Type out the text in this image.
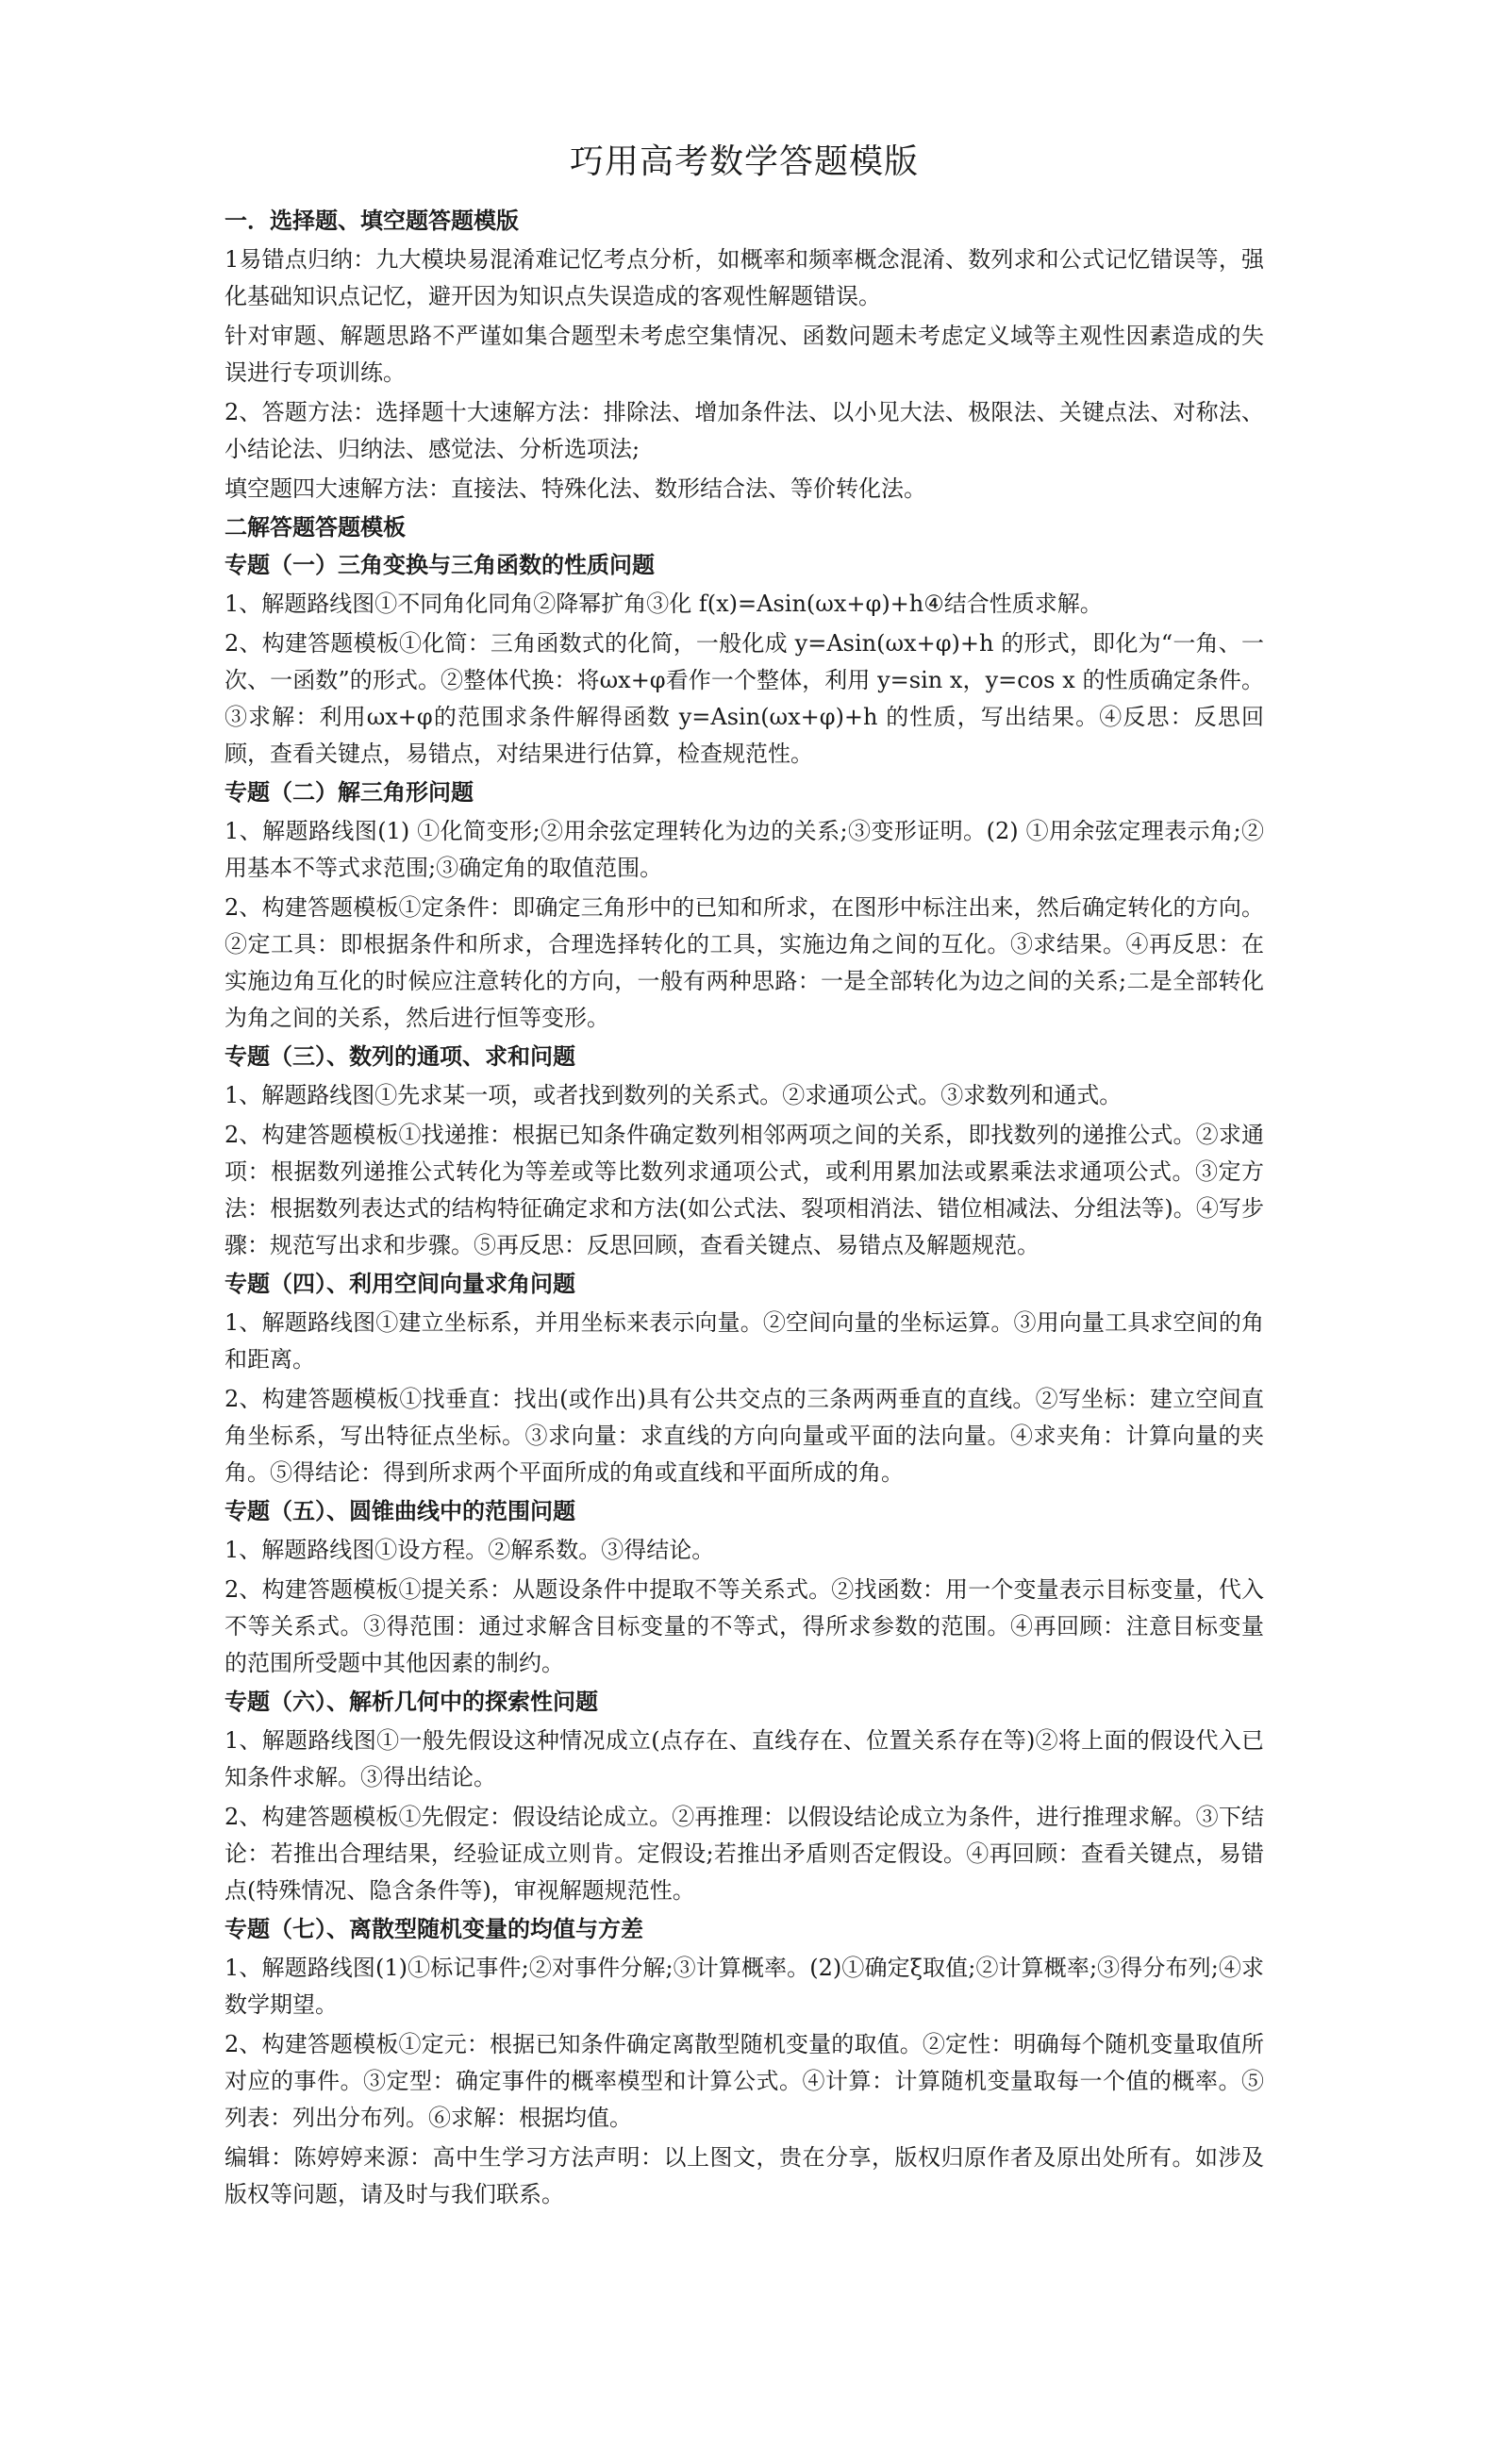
巧用高考数学答题模版
一．选择题、填空题答题模版

1易错点归纳：九大模块易混淆难记忆考点分析，如概率和频率概念混淆、数列求和公式记忆错误等，强化基础知识点记忆，避开因为知识点失误造成的客观性解题错误。

针对审题、解题思路不严谨如集合题型未考虑空集情况、函数问题未考虑定义域等主观性因素造成的失误进行专项训练。

2、答题方法：选择题十大速解方法：排除法、增加条件法、以小见大法、极限法、关键点法、对称法、小结论法、归纳法、感觉法、分析选项法;

填空题四大速解方法：直接法、特殊化法、数形结合法、等价转化法。

二解答题答题模板
专题（一）三角变换与三角函数的性质问题

1、解题路线图①不同角化同角②降幂扩角③化 f(x)=Asin(ωx+φ)+h④结合性质求解。

2、构建答题模板①化简：三角函数式的化简，一般化成 y=Asin(ωx+φ)+h 的形式，即化为“一角、一次、一函数”的形式。②整体代换：将ωx+φ看作一个整体，利用 y=sin x，y=cos x 的性质确定条件。③求解：利用ωx+φ的范围求条件解得函数 y=Asin(ωx+φ)+h 的性质，写出结果。④反思：反思回顾，查看关键点，易错点，对结果进行估算，检查规范性。

专题（二）解三角形问题

1、解题路线图(1) ①化简变形;②用余弦定理转化为边的关系;③变形证明。(2) ①用余弦定理表示角;②用基本不等式求范围;③确定角的取值范围。

2、构建答题模板①定条件：即确定三角形中的已知和所求，在图形中标注出来，然后确定转化的方向。②定工具：即根据条件和所求，合理选择转化的工具，实施边角之间的互化。③求结果。④再反思：在实施边角互化的时候应注意转化的方向，一般有两种思路：一是全部转化为边之间的关系;二是全部转化为角之间的关系，然后进行恒等变形。

专题（三）、数列的通项、求和问题

1、解题路线图①先求某一项，或者找到数列的关系式。②求通项公式。③求数列和通式。

2、构建答题模板①找递推：根据已知条件确定数列相邻两项之间的关系，即找数列的递推公式。②求通项：根据数列递推公式转化为等差或等比数列求通项公式，或利用累加法或累乘法求通项公式。③定方法：根据数列表达式的结构特征确定求和方法(如公式法、裂项相消法、错位相减法、分组法等)。④写步骤：规范写出求和步骤。⑤再反思：反思回顾，查看关键点、易错点及解题规范。

专题（四）、利用空间向量求角问题

1、解题路线图①建立坐标系，并用坐标来表示向量。②空间向量的坐标运算。③用向量工具求空间的角和距离。

2、构建答题模板①找垂直：找出(或作出)具有公共交点的三条两两垂直的直线。②写坐标：建立空间直角坐标系，写出特征点坐标。③求向量：求直线的方向向量或平面的法向量。④求夹角：计算向量的夹角。⑤得结论：得到所求两个平面所成的角或直线和平面所成的角。

专题（五）、圆锥曲线中的范围问题

1、解题路线图①设方程。②解系数。③得结论。

2、构建答题模板①提关系：从题设条件中提取不等关系式。②找函数：用一个变量表示目标变量，代入不等关系式。③得范围：通过求解含目标变量的不等式，得所求参数的范围。④再回顾：注意目标变量的范围所受题中其他因素的制约。

专题（六）、解析几何中的探索性问题

1、解题路线图①一般先假设这种情况成立(点存在、直线存在、位置关系存在等)②将上面的假设代入已知条件求解。③得出结论。

2、构建答题模板①先假定：假设结论成立。②再推理：以假设结论成立为条件，进行推理求解。③下结论：若推出合理结果，经验证成立则肯。定假设;若推出矛盾则否定假设。④再回顾：查看关键点，易错点(特殊情况、隐含条件等)，审视解题规范性。

专题（七）、离散型随机变量的均值与方差

1、解题路线图(1)①标记事件;②对事件分解;③计算概率。(2)①确定ξ取值;②计算概率;③得分布列;④求数学期望。

2、构建答题模板①定元：根据已知条件确定离散型随机变量的取值。②定性：明确每个随机变量取值所对应的事件。③定型：确定事件的概率模型和计算公式。④计算：计算随机变量取每一个值的概率。⑤列表：列出分布列。⑥求解：根据均值。

编辑：陈婷婷来源：高中生学习方法声明：以上图文，贵在分享，版权归原作者及原出处所有。如涉及版权等问题，请及时与我们联系。
